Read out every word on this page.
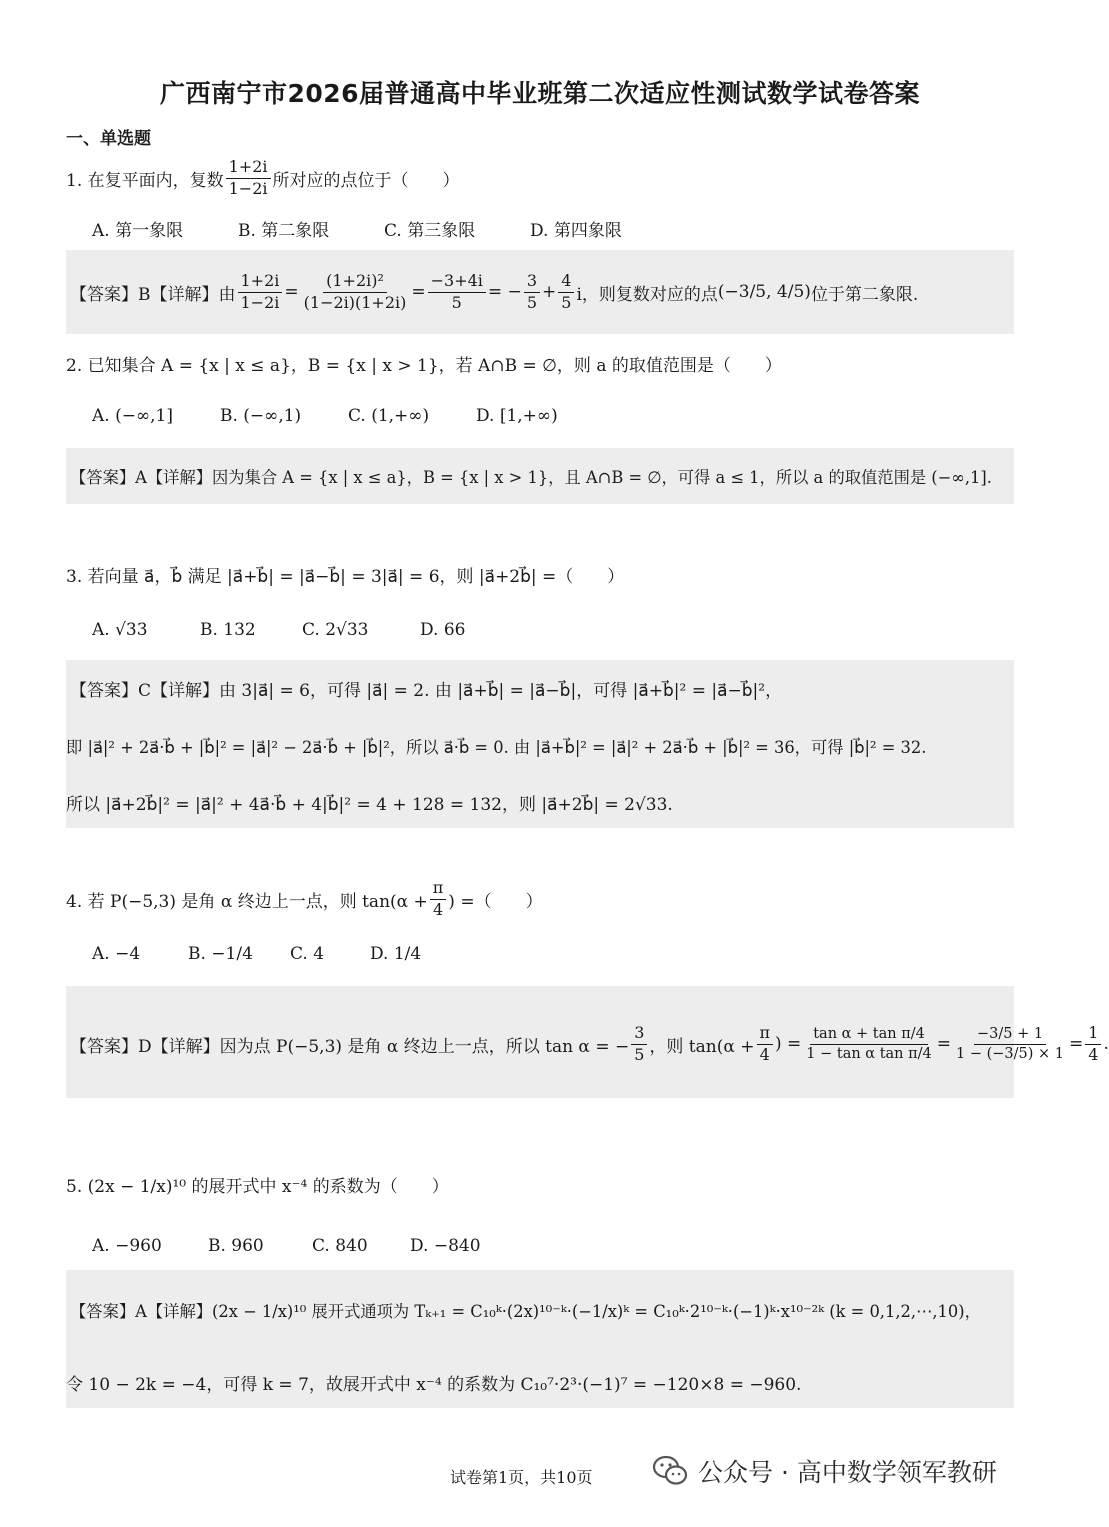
广西南宁市2026届普通高中毕业班第二次适应性测试数学试卷答案
一、单选题
1. 在复平面内，复数 $\frac{1+2i}{1-2i}$ 所对应的点位于（　　）
A. 第一象限	B. 第二象限	C. 第三象限	D. 第四象限
【答案】B【详解】由 $\frac{1+2i}{1-2i} = \frac{\text{(1+2i)²}}{(1-2i)(1+2i)} = \frac{-3+4i}{5}$ = − $\frac{3}{5} + \frac{4}{5}$ i，则复数对应的点 (−3/5, 4/5) 位于第二象限.
2. 已知集合 A = {x | x ≤ a}，B = {x | x > 1}，若 A∩B = ∅，则 a 的取值范围是（　　）
A. (−∞,1]	B. (−∞,1)	C. (1,+∞)	D. [1,+∞)
【答案】A【详解】因为集合 A = {x | x ≤ a}，B = {x | x > 1}，且 A∩B = ∅，可得 a ≤ 1，所以 a 的取值范围是 (−∞,1].
3. 若向量 a⃗，b⃗ 满足 |a⃗+b⃗| = |a⃗−b⃗| = 3|a⃗| = 6，则 |a⃗+2b⃗| =（　　）
A. √33	B. 132	C. 2√33	D. 66
【答案】C【详解】由 3|a⃗| = 6，可得 |a⃗| = 2. 由 |a⃗+b⃗| = |a⃗−b⃗|，可得 |a⃗+b⃗|² = |a⃗−b⃗|²，
即 |a⃗|² + 2a⃗·b⃗ + |b⃗|² = |a⃗|² − 2a⃗·b⃗ + |b⃗|²，所以 a⃗·b⃗ = 0. 由 |a⃗+b⃗|² = |a⃗|² + 2a⃗·b⃗ + |b⃗|² = 36，可得 |b⃗|² = 32.
所以 |a⃗+2b⃗|² = |a⃗|² + 4a⃗·b⃗ + 4|b⃗|² = 4 + 128 = 132，则 |a⃗+2b⃗| = 2√33.
4. 若 P(−5,3) 是角 α 终边上一点，则 $\tan(\alpha + \frac{\pi}{4}$ ) =（　　）
A. −4	B. −1/4	C. 4	D. 1/4
【答案】D【详解】因为点 P(−5,3) 是角 α 终边上一点，所以 tan α = − $\frac{3}{5}$ ，则 $\tan(\alpha + \frac{\pi}{4}$ ) = $\frac{\text{tan α + tan π/4}}{\text{1 − tan α tan π/4}} = \frac{-3/5 + 1}{1 - (-3/5) \times 1} = \frac{1}{4}$ .
5. (2x − 1/x)¹⁰ 的展开式中 x⁻⁴ 的系数为（　　）
A. −960	B. 960	C. 840	D. −840
【答案】A【详解】(2x − 1/x)¹⁰ 展开式通项为 Tₖ₊₁ = C₁₀ᵏ·(2x)¹⁰⁻ᵏ·(−1/x)ᵏ = C₁₀ᵏ·2¹⁰⁻ᵏ·(−1)ᵏ·x¹⁰⁻²ᵏ (k = 0,1,2,⋯,10)，
令 10 − 2k = −4，可得 k = 7，故展开式中 x⁻⁴ 的系数为 C₁₀⁷·2³·(−1)⁷ = −120×8 = −960.
试卷第1页，共10页	公众号 · 高中数学领军教研
